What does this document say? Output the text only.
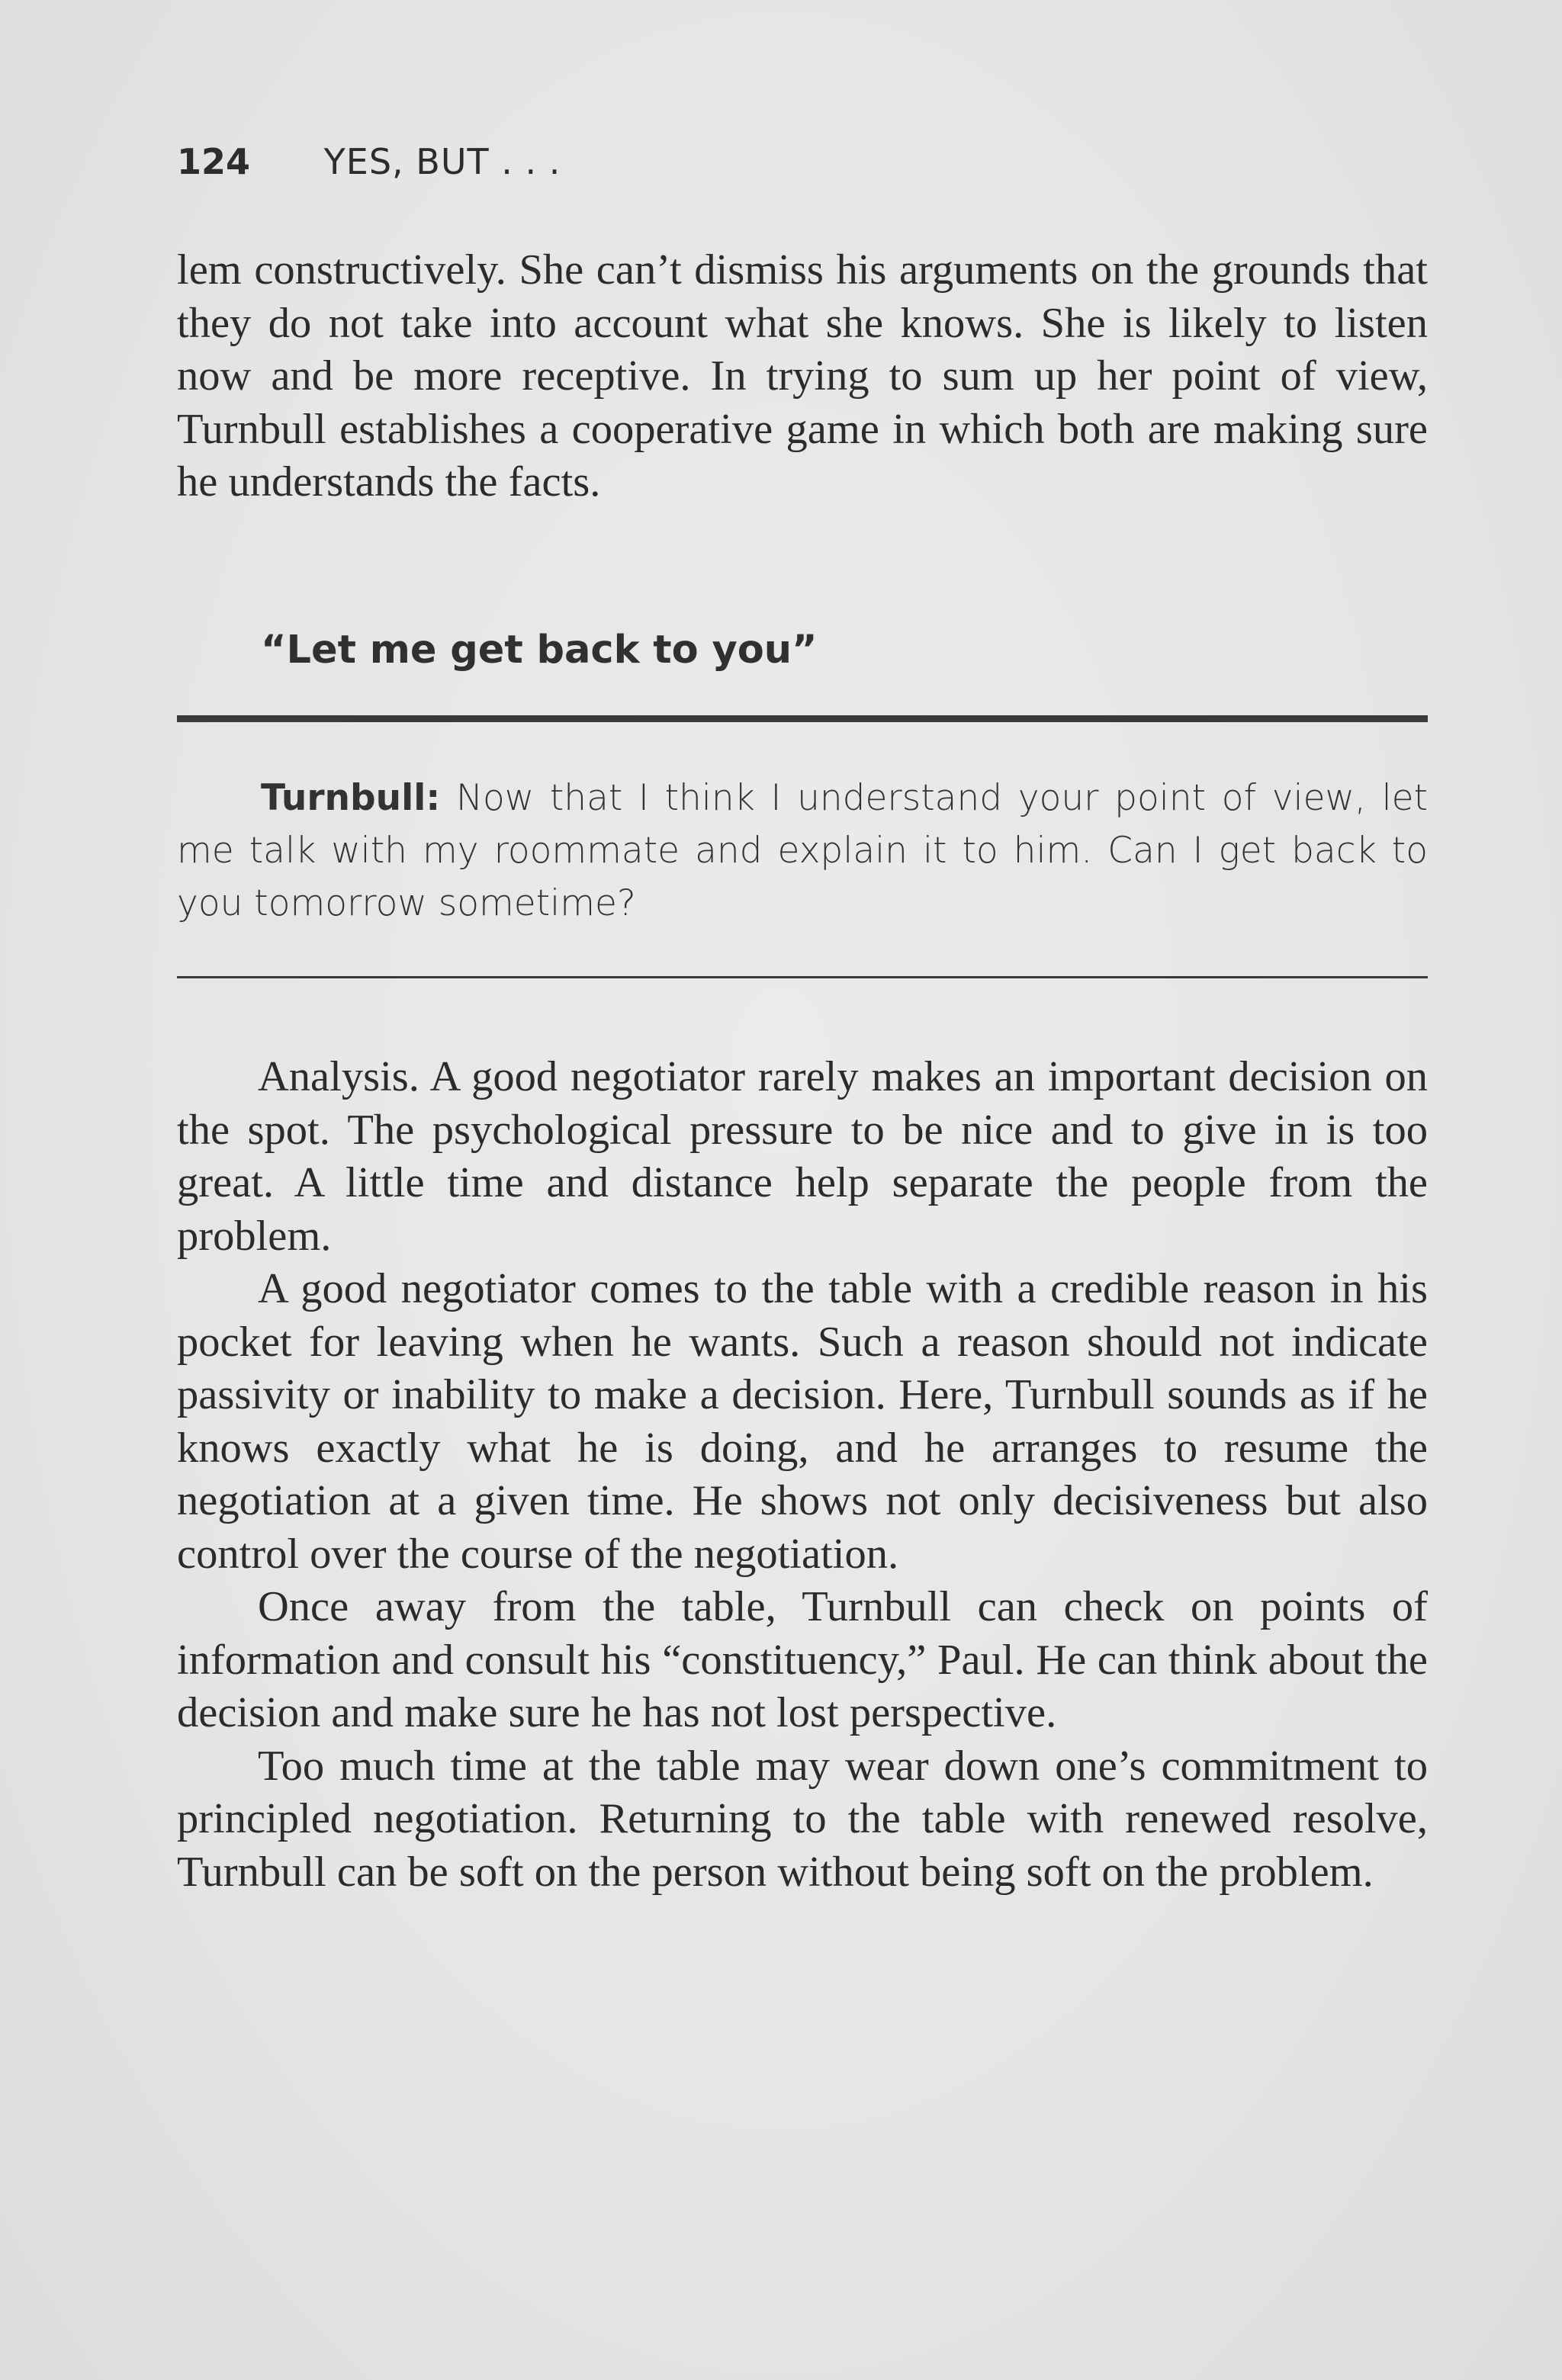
124 YES, BUT . . .

lem constructively. She can’t dismiss his arguments on the grounds that they do not take into account what she knows. She is likely to listen now and be more receptive. In trying to sum up her point of view, Turnbull establishes a cooperative game in which both are making sure he understands the facts.

“Let me get back to you”

Turnbull: Now that I think I understand your point of view, let me talk with my roommate and explain it to him. Can I get back to you tomorrow sometime?

Analysis. A good negotiator rarely makes an important decision on the spot. The psychological pressure to be nice and to give in is too great. A little time and distance help separate the people from the problem.

A good negotiator comes to the table with a credible reason in his pocket for leaving when he wants. Such a reason should not indicate passivity or inability to make a decision. Here, Turnbull sounds as if he knows exactly what he is doing, and he arranges to resume the negotiation at a given time. He shows not only decisiveness but also control over the course of the negotiation.

Once away from the table, Turnbull can check on points of information and consult his “constituency,” Paul. He can think about the decision and make sure he has not lost perspective.

Too much time at the table may wear down one’s commitment to principled negotiation. Returning to the table with renewed resolve, Turnbull can be soft on the person without being soft on the problem.
